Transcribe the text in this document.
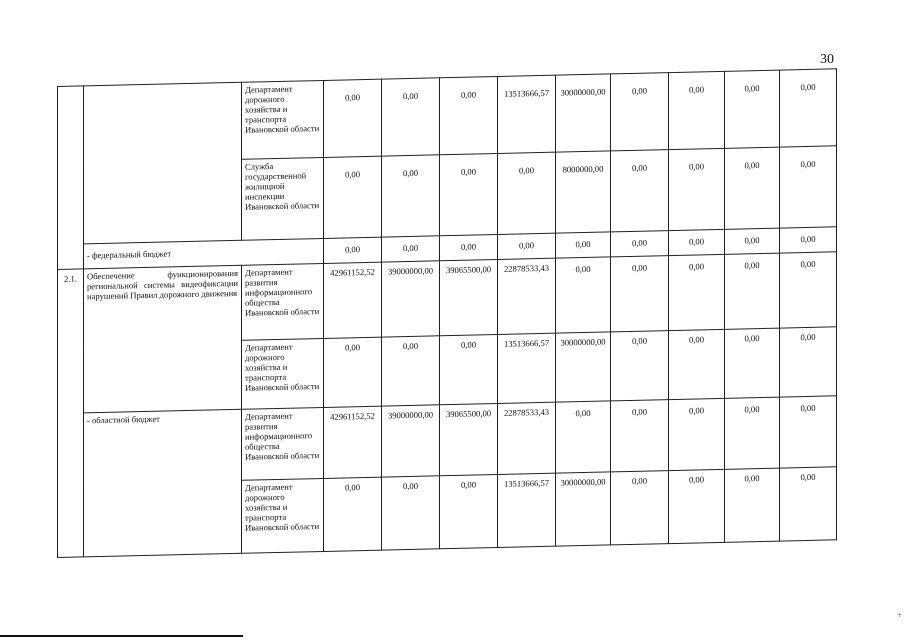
30
		Департамент дорожного хозяйства и транспорта Ивановской области	0,00	0,00	0,00	13513666,57	30000000,00	0,00	0,00	0,00	0,00
		Служба государственной жилищной инспекции Ивановской области	0,00	0,00	0,00	0,00	8000000,00	0,00	0,00	0,00	0,00
	- федеральный бюджет		0,00	0,00	0,00	0,00	0,00	0,00	0,00	0,00	0,00
2.1.	Обеспечение функционирования региональной системы видеофиксации нарушений Правил дорожного движения	Департамент развития информационного общества Ивановской области	42961152,52	39000000,00	39065500,00	22878533,43	0,00	0,00	0,00	0,00	0,00
		Департамент дорожного хозяйства и транспорта Ивановской области	0,00	0,00	0,00	13513666,57	30000000,00	0,00	0,00	0,00	0,00
	- областной бюджет	Департамент развития информационного общества Ивановской области	42961152,52	39000000,00	39065500,00	22878533,43	0,00	0,00	0,00	0,00	0,00
		Департамент дорожного хозяйства и транспорта Ивановской области	0,00	0,00	0,00	13513666,57	30000000,00	0,00	0,00	0,00	0,00
+
